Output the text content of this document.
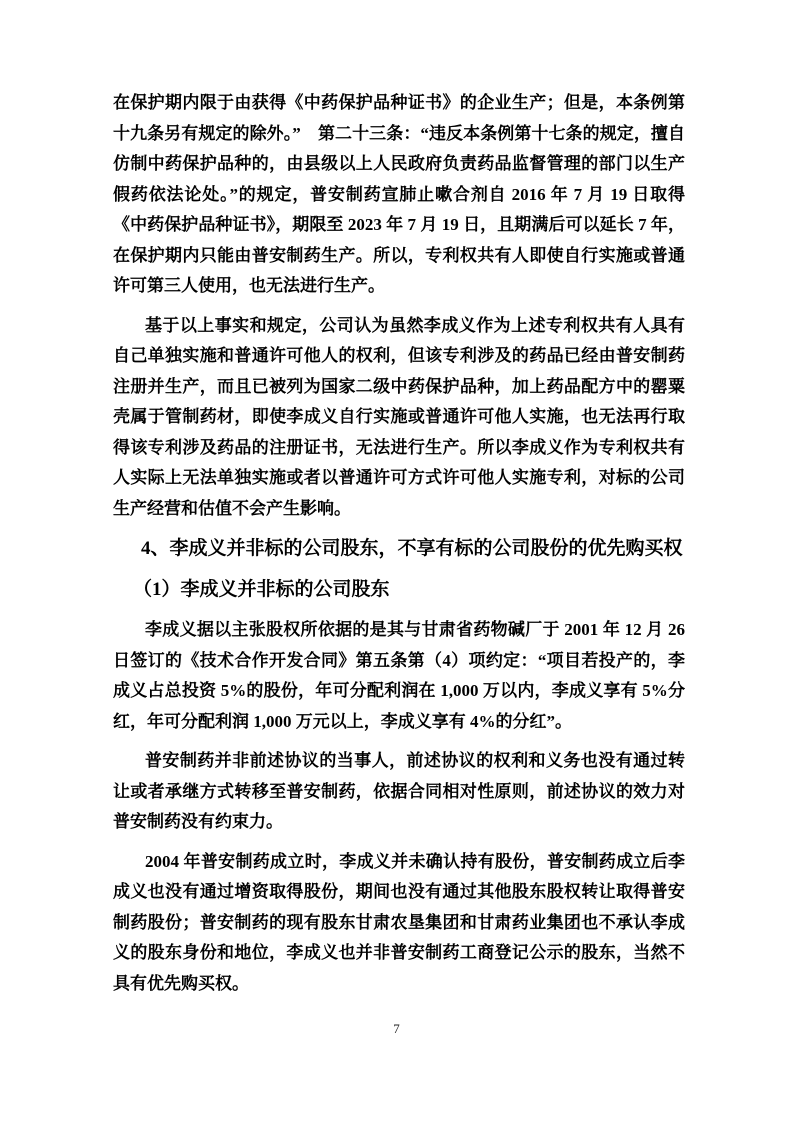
在保护期内限于由获得《中药保护品种证书》的企业生产；但是，本条例第十九条另有规定的除外。”　第二十三条：“违反本条例第十七条的规定，擅自仿制中药保护品种的，由县级以上人民政府负责药品监督管理的部门以生产假药依法论处。”的规定，普安制药宣肺止嗽合剂自 2016 年 7 月 19 日取得《中药保护品种证书》，期限至 2023 年 7 月 19 日，且期满后可以延长 7 年，在保护期内只能由普安制药生产。所以，专利权共有人即使自行实施或普通许可第三人使用，也无法进行生产。

基于以上事实和规定，公司认为虽然李成义作为上述专利权共有人具有自己单独实施和普通许可他人的权利，但该专利涉及的药品已经由普安制药注册并生产，而且已被列为国家二级中药保护品种，加上药品配方中的罂粟壳属于管制药材，即使李成义自行实施或普通许可他人实施，也无法再行取得该专利涉及药品的注册证书，无法进行生产。所以李成义作为专利权共有人实际上无法单独实施或者以普通许可方式许可他人实施专利，对标的公司生产经营和估值不会产生影响。

4、李成义并非标的公司股东，不享有标的公司股份的优先购买权
（1）李成义并非标的公司股东

李成义据以主张股权所依据的是其与甘肃省药物碱厂于 2001 年 12 月 26 日签订的《技术合作开发合同》第五条第（4）项约定：“项目若投产的，李成义占总投资 5%的股份，年可分配利润在 1,000 万以内，李成义享有 5%分红，年可分配利润 1,000 万元以上，李成义享有 4%的分红”。

普安制药并非前述协议的当事人，前述协议的权利和义务也没有通过转让或者承继方式转移至普安制药，依据合同相对性原则，前述协议的效力对普安制药没有约束力。

2004 年普安制药成立时，李成义并未确认持有股份，普安制药成立后李成义也没有通过增资取得股份，期间也没有通过其他股东股权转让取得普安制药股份；普安制药的现有股东甘肃农垦集团和甘肃药业集团也不承认李成义的股东身份和地位，李成义也并非普安制药工商登记公示的股东，当然不具有优先购买权。

7
